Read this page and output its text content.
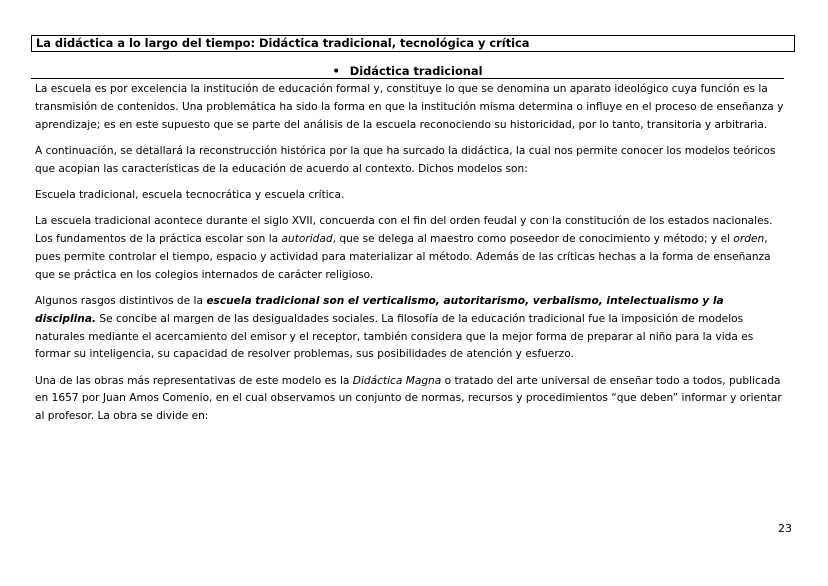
La didáctica a lo largo del tiempo: Didáctica tradicional, tecnológica y crítica
• Didáctica tradicional

La escuela es por excelencia la institución de educación formal y, constituye lo que se denomina un aparato ideológico cuya función es la
transmisión de contenidos. Una problemática ha sido la forma en que la institución misma determina o influye en el proceso de enseñanza y
aprendizaje; es en este supuesto que se parte del análisis de la escuela reconociendo su historicidad, por lo tanto, transitoria y arbitraria.

A continuación, se detallará la reconstrucción histórica por la que ha surcado la didáctica, la cual nos permite conocer los modelos teóricos
que acopian las características de la educación de acuerdo al contexto. Dichos modelos son:

Escuela tradicional, escuela tecnocrática y escuela crítica.

La escuela tradicional acontece durante el siglo XVII, concuerda con el fin del orden feudal y con la constitución de los estados nacionales.
Los fundamentos de la práctica escolar son la autoridad, que se delega al maestro como poseedor de conocimiento y método; y el orden,
pues permite controlar el tiempo, espacio y actividad para materializar al método. Además de las críticas hechas a la forma de enseñanza
que se práctica en los colegios internados de carácter religioso.

Algunos rasgos distintivos de la escuela tradicional son el verticalismo, autoritarismo, verbalismo, intelectualismo y la
disciplina. Se concibe al margen de las desigualdades sociales. La filosofía de la educación tradicional fue la imposición de modelos
naturales mediante el acercamiento del emisor y el receptor, también considera que la mejor forma de preparar al niño para la vida es
formar su inteligencia, su capacidad de resolver problemas, sus posibilidades de atención y esfuerzo.

Una de las obras más representativas de este modelo es la Didáctica Magna o tratado del arte universal de enseñar todo a todos, publicada
en 1657 por Juan Amos Comenio, en el cual observamos un conjunto de normas, recursos y procedimientos “que deben” informar y orientar
al profesor. La obra se divide en:

23
